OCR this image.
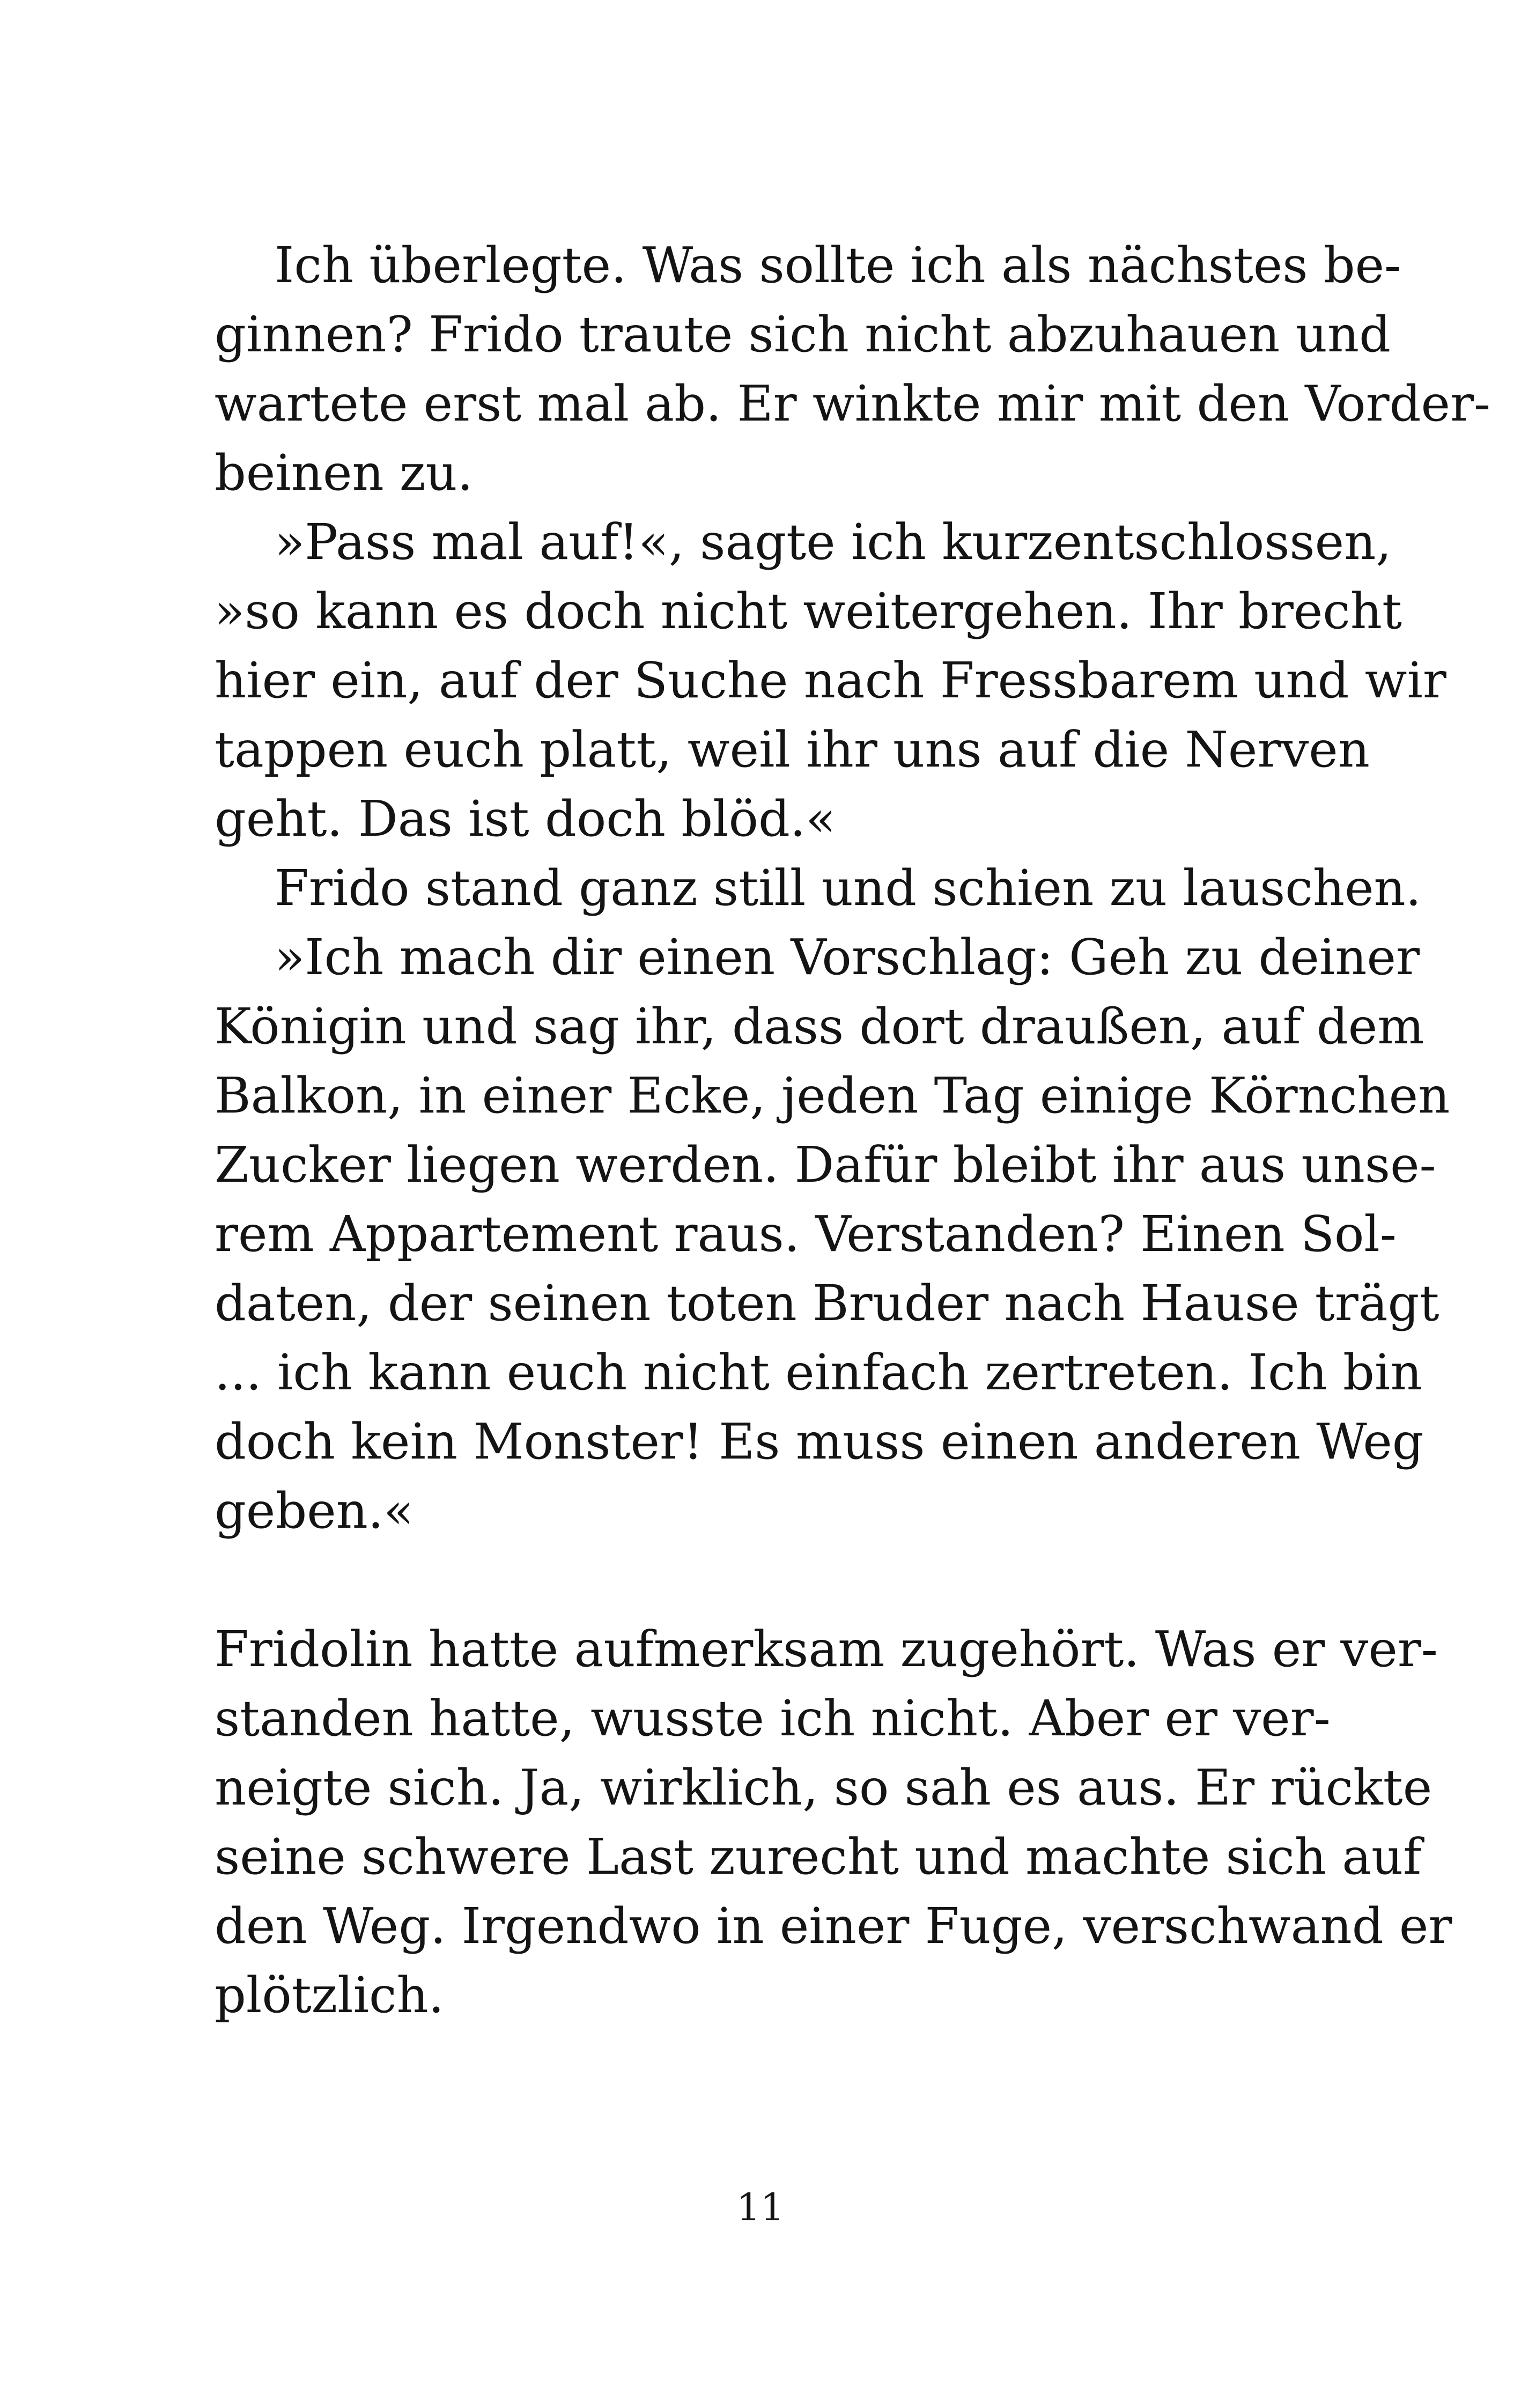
Ich überlegte. Was sollte ich als nächstes be-
ginnen? Frido traute sich nicht abzuhauen und
wartete erst mal ab. Er winkte mir mit den Vorder-
beinen zu.
»Pass mal auf!«, sagte ich kurzentschlossen,
»so kann es doch nicht weitergehen. Ihr brecht
hier ein, auf der Suche nach Fressbarem und wir
tappen euch platt, weil ihr uns auf die Nerven
geht. Das ist doch blöd.«
Frido stand ganz still und schien zu lauschen.
»Ich mach dir einen Vorschlag: Geh zu deiner
Königin und sag ihr, dass dort draußen, auf dem
Balkon, in einer Ecke, jeden Tag einige Körnchen
Zucker liegen werden. Dafür bleibt ihr aus unse-
rem Appartement raus. Verstanden? Einen Sol-
daten, der seinen toten Bruder nach Hause trägt
... ich kann euch nicht einfach zertreten. Ich bin
doch kein Monster! Es muss einen anderen Weg
geben.«
Fridolin hatte aufmerksam zugehört. Was er ver-
standen hatte, wusste ich nicht. Aber er ver-
neigte sich. Ja, wirklich, so sah es aus. Er rückte
seine schwere Last zurecht und machte sich auf
den Weg. Irgendwo in einer Fuge, verschwand er
plötzlich.
11
